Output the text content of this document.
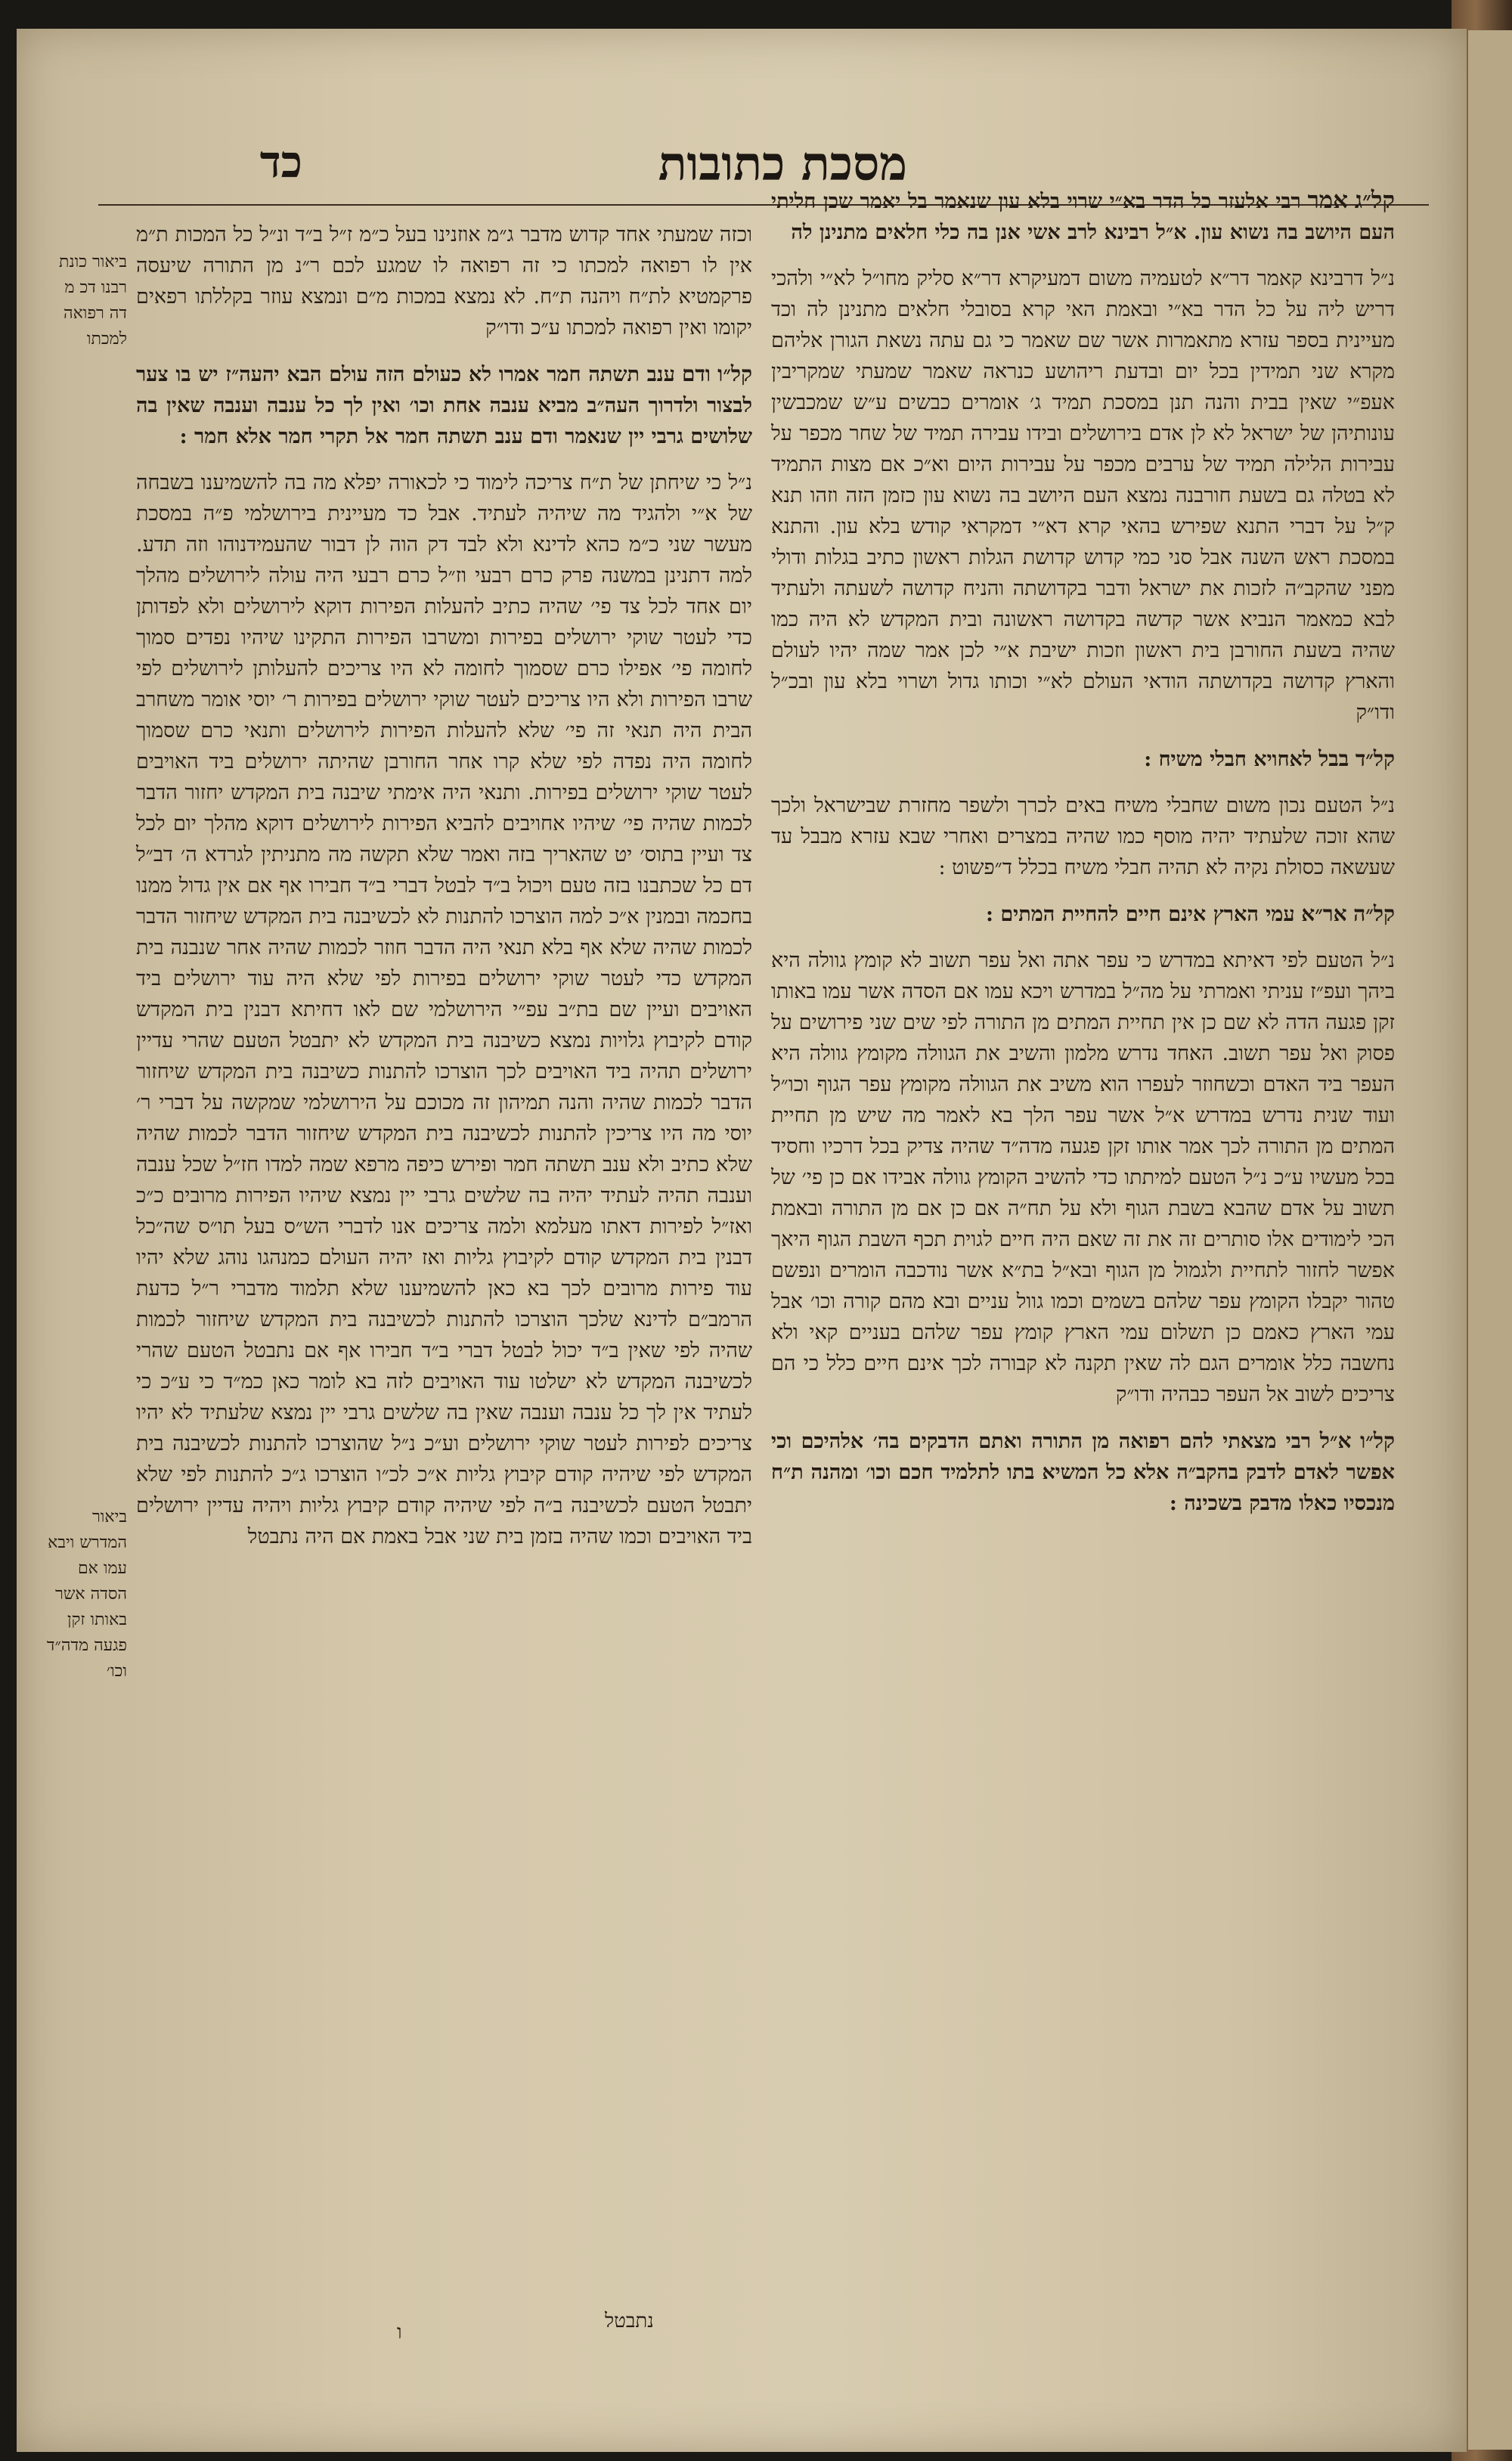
מסכת כתובות
כד
ביאור כונת רבנו דכ מ דה רפואה למכתו
ביאור המדרש ויבא עמו אם הסדה אשר באותו זקן פגעה מדה״ד וכו׳

קל״ג אמר רבי אלעזר כל הדר בא״י שרוי בלא עון שנאמר בל יאמר שכן חליתי העם היושב בה נשוא עון. א״ל רבינא לרב אשי אנן בה כלי חלאים מתנינן לה

נ״ל דרבינא קאמר דר״א לטעמיה משום דמעיקרא דר״א סליק מחו״ל לא״י ולהכי דריש ליה על כל הדר בא״י ובאמת האי קרא בסובלי חלאים מתנינן לה וכד מעיינית בספר עזרא מתאמרות אשר שם שאמר כי גם עתה נשאת הגורן אליהם מקרא שני תמידין בכל יום ובדעת ריהושע כנראה שאמר שמעתי שמקריבין אעפ״י שאין בבית והנה תנן במסכת תמיד ג׳ אומרים כבשים ע״ש שמכבשין עונותיהן של ישראל לא לן אדם בירושלים ובידו עבירה תמיד של שחר מכפר על עבירות הלילה תמיד של ערבים מכפר על עבירות היום וא״כ אם מצות התמיד לא בטלה גם בשעת חורבנה נמצא העם היושב בה נשוא עון כזמן הזה וזהו תנא ק״ל על דברי התנא שפירש בהאי קרא דא״י דמקראי קודש בלא עון. והתנא במסכת ראש השנה אבל סני כמי קדוש קדושת הגלות ראשון כתיב בגלות ודולי מפני שהקב״ה לזכות את ישראל ודבר בקדושתה והניח קדושה לשעתה ולעתיד לבא כמאמר הנביא אשר קדשה בקדושה ראשונה ובית המקדש לא היה כמו שהיה בשעת החורבן בית ראשון וזכות ישיבת א״י לכן אמר שמה יהיו לעולם והארץ קדושה בקדושתה הודאי העולם לא״י וכותו גדול ושרוי בלא עון ובכ״ל ודו״ק

קל״ד בבל לאחויא חבלי משיח :

נ״ל הטעם נכון משום שחבלי משיח באים לכרך ולשפר מחזרת שבישראל ולכך שהא זוכה שלעתיד יהיה מוסף כמו שהיה במצרים ואחרי שבא עזרא מבבל עד שעשאה כסולת נקיה לא תהיה חבלי משיח בכלל ד״פשוט :

קל״ה אר״א עמי הארץ אינם חיים להחיית המתים :

נ״ל הטעם לפי דאיתא במדרש כי עפר אתה ואל עפר תשוב לא קומץ גוולה היא ביהך ועפ״ז עניתי ואמרתי על מה״ל במדרש ויכא עמו אם הסדה אשר עמו באותו זקן פגעה הדה לא שם כן אין תחיית המתים מן התורה לפי שים שני פירושים על פסוק ואל עפר תשוב. האחד נדרש מלמון והשיב את הגוולה מקומץ גוולה היא העפר ביד האדם וכשחוזר לעפרו הוא משיב את הגוולה מקומץ עפר הגוף וכו״ל ועוד שנית נדרש במדרש א״ל אשר עפר הלך בא לאמר מה שיש מן תחיית המתים מן התורה לכך אמר אותו זקן פגעה מדה״ד שהיה צדיק בכל דרכיו וחסיד בכל מעשיו ע״כ נ״ל הטעם למיתתו כדי להשיב הקומץ גוולה אבידו אם כן פי׳ של תשוב על אדם שהבא בשבת הגוף ולא על תח״ה אם כן אם מן התורה ובאמת הכי לימודים אלו סותרים זה את זה שאם היה חיים לגוית תכף השבת הגוף היאך אפשר לחזור לתחיית ולגמול מן הגוף ובא״ל בת״א אשר נודכבה הומרים ונפשם טהור יקבלו הקומץ עפר שלהם בשמים וכמו גוול עניים ובא מהם קורה וכו׳ אבל עמי הארץ כאמם כן תשלום עמי הארץ קומץ עפר שלהם בעניים קאי ולא נחשבה כלל אומרים הגם לה שאין תקנה לא קבורה לכך אינם חיים כלל כי הם צריכים לשוב אל העפר כבהיה ודו״ק

קל״ו א״ל רבי מצאתי להם רפואה מן התורה ואתם הדבקים בה׳ אלהיכם וכי אפשר לאדם לדבק בהקב״ה אלא כל המשיא בתו לתלמיד חכם וכו׳ ומהנה ת״ח מנכסיו כאלו מדבק בשכינה :

וכזה שמעתי אחד קדוש מדבר ג״מ אוזנינו בעל כ״מ ז״ל ב״ד ונ״ל כל המכות ת״מ אין לו רפואה למכתו כי זה רפואה לו שמגע לכם ר״נ מן התורה שיעסה פרקמטיא לת״ח ויהנה ת״ח. לא נמצא במכות מ״ם ונמצא עוזר בקללתו רפאים יקומו ואין רפואה למכתו ע״כ ודו״ק

קל״ו ודם ענב תשתה חמר אמרו לא כעולם הזה עולם הבא יהעה״ז יש בו צער לבצור ולדרוך העה״ב מביא ענבה אחת וכו׳ ואין לך כל ענבה וענבה שאין בה שלושים גרבי יין שנאמר ודם ענב תשתה חמר אל תקרי חמר אלא חמר :

נ״ל כי שיחתן של ת״ח צריכה לימוד כי לכאורה יפלא מה בה להשמיענו בשבחה של א״י ולהגיד מה שיהיה לעתיד. אבל כד מעיינית בירושלמי פ״ה במסכת מעשר שני כ״מ כהא לדינא ולא לבד דק הוה לן דבור שהעמידנוהו וזה תדע. למה דתנינן במשנה פרק כרם רבעי וז״ל כרם רבעי היה עולה לירושלים מהלך יום אחד לכל צד פי׳ שהיה כתיב להעלות הפירות דוקא לירושלים ולא לפדותן כדי לעטר שוקי ירושלים בפירות ומשרבו הפירות התקינו שיהיו נפדים סמוך לחומה פי׳ אפילו כרם שסמוך לחומה לא היו צריכים להעלותן לירושלים לפי שרבו הפירות ולא היו צריכים לעטר שוקי ירושלים בפירות ר׳ יוסי אומר משחרב הבית היה תנאי זה פי׳ שלא להעלות הפירות לירושלים ותנאי כרם שסמוך לחומה היה נפדה לפי שלא קרו אחר החורבן שהיתה ירושלים ביד האויבים לעטר שוקי ירושלים בפירות. ותנאי היה אימתי שיבנה בית המקדש יחזור הדבר לכמות שהיה פי׳ שיהיו אחויבים להביא הפירות לירושלים דוקא מהלך יום לכל צד ועיין בתוס׳ יט שהאריך בזה ואמר שלא תקשה מה מתניתין לגרדא ה׳ דב״ל דם כל שכתבנו בזה טעם ויכול ב״ד לבטל דברי ב״ד חבירו אף אם אין גדול ממנו בחכמה ובמנין א״כ למה הוצרכו להתנות לא לכשיבנה בית המקדש שיחזור הדבר לכמות שהיה שלא אף בלא תנאי היה הדבר חוזר לכמות שהיה אחר שנבנה בית המקדש כדי לעטר שוקי ירושלים בפירות לפי שלא היה עוד ירושלים ביד האויבים ועיין שם בת״ב עפ״י הירושלמי שם לאו דחיתא דבנין בית המקדש קודם לקיבוץ גלויות נמצא כשיבנה בית המקדש לא יתבטל הטעם שהרי עדיין ירושלים תהיה ביד האויבים לכך הוצרכו להתנות כשיבנה בית המקדש שיחזור הדבר לכמות שהיה והנה תמיהון זה מכוכם על הירושלמי שמקשה על דברי ר׳ יוסי מה היו צריכין להתנות לכשיבנה בית המקדש שיחזור הדבר לכמות שהיה שלא כתיב ולא ענב תשתה חמר ופירש כיפה מרפא שמה למדו חז״ל שכל ענבה וענבה תהיה לעתיד יהיה בה שלשים גרבי יין נמצא שיהיו הפירות מרובים כ״כ ואז״ל לפירות דאתו מעלמא ולמה צריכים אנו לדברי הש״ס בעל תו״ס שה״כל דבנין בית המקדש קודם לקיבוץ גליות ואז יהיה העולם כמנהגו נוהג שלא יהיו עוד פירות מרובים לכך בא כאן להשמיענו שלא תלמוד מדברי ר״ל כדעת הרמב״ם לדינא שלכך הוצרכו להתנות לכשיבנה בית המקדש שיחזור לכמות שהיה לפי שאין ב״ד יכול לבטל דברי ב״ד חבירו אף אם נתבטל הטעם שהרי לכשיבנה המקדש לא ישלטו עוד האויבים לזה בא לומר כאן כמ״ד כי ע״כ כי לעתיד אין לך כל ענבה וענבה שאין בה שלשים גרבי יין נמצא שלעתיד לא יהיו צריכים לפירות לעטר שוקי ירושלים וע״כ נ״ל שהוצרכו להתנות לכשיבנה בית המקדש לפי שיהיה קודם קיבוץ גליות א״כ לכ״ו הוצרכו ג״כ להתנות לפי שלא יתבטל הטעם לכשיבנה ב״ה לפי שיהיה קודם קיבוץ גליות ויהיה עדיין ירושלים ביד האויבים וכמו שהיה בזמן בית שני אבל באמת אם היה נתבטל

נתבטל
ו
